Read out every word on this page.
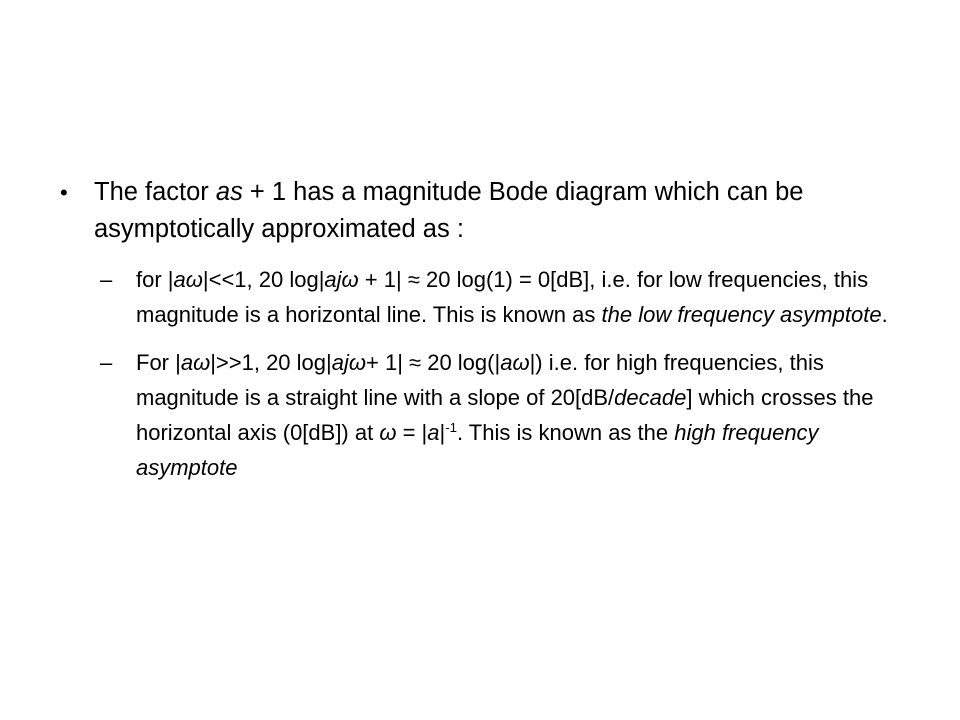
• The factor as + 1 has a magnitude Bode diagram which can be asymptotically approximated as :
– for |aω|<<1, 20 log|ajω + 1| ≈ 20 log(1) = 0[dB], i.e. for low frequencies, this magnitude is a horizontal line. This is known as the low frequency asymptote.
– For |aω|>>1, 20 log|ajω+ 1| ≈ 20 log(|aω|) i.e. for high frequencies, this magnitude is a straight line with a slope of 20[dB/decade] which crosses the horizontal axis (0[dB]) at $\omega = |a|^{-1}$. This is known as the high frequency asymptote
